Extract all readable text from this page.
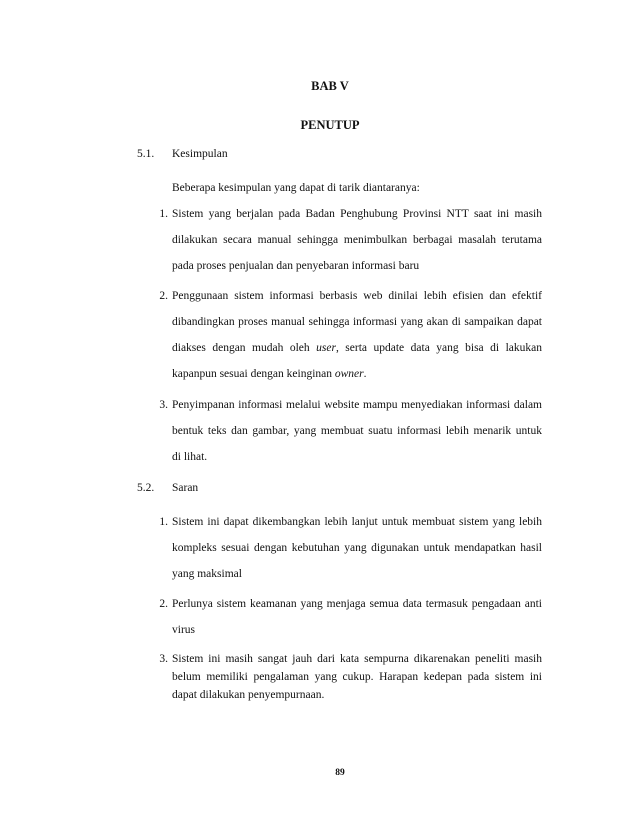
BAB V
PENUTUP
5.1. Kesimpulan
Beberapa kesimpulan yang dapat di tarik diantaranya:
1. Sistem yang berjalan pada Badan Penghubung Provinsi NTT saat ini masih
dilakukan secara manual sehingga menimbulkan berbagai masalah terutama
pada proses penjualan dan penyebaran informasi baru
2. Penggunaan sistem informasi berbasis web dinilai lebih efisien dan efektif
dibandingkan proses manual sehingga informasi yang akan di sampaikan dapat
diakses dengan mudah oleh user, serta update data yang bisa di lakukan
kapanpun sesuai dengan keinginan owner.
3. Penyimpanan informasi melalui website mampu menyediakan informasi dalam
bentuk teks dan gambar, yang membuat suatu informasi lebih menarik untuk
di lihat.
5.2. Saran
1. Sistem ini dapat dikembangkan lebih lanjut untuk membuat sistem yang lebih
kompleks sesuai dengan kebutuhan yang digunakan untuk mendapatkan hasil
yang maksimal
2. Perlunya sistem keamanan yang menjaga semua data termasuk pengadaan anti
virus
3. Sistem ini masih sangat jauh dari kata sempurna dikarenakan peneliti masih
belum memiliki pengalaman yang cukup. Harapan kedepan pada sistem ini
dapat dilakukan penyempurnaan.
89
